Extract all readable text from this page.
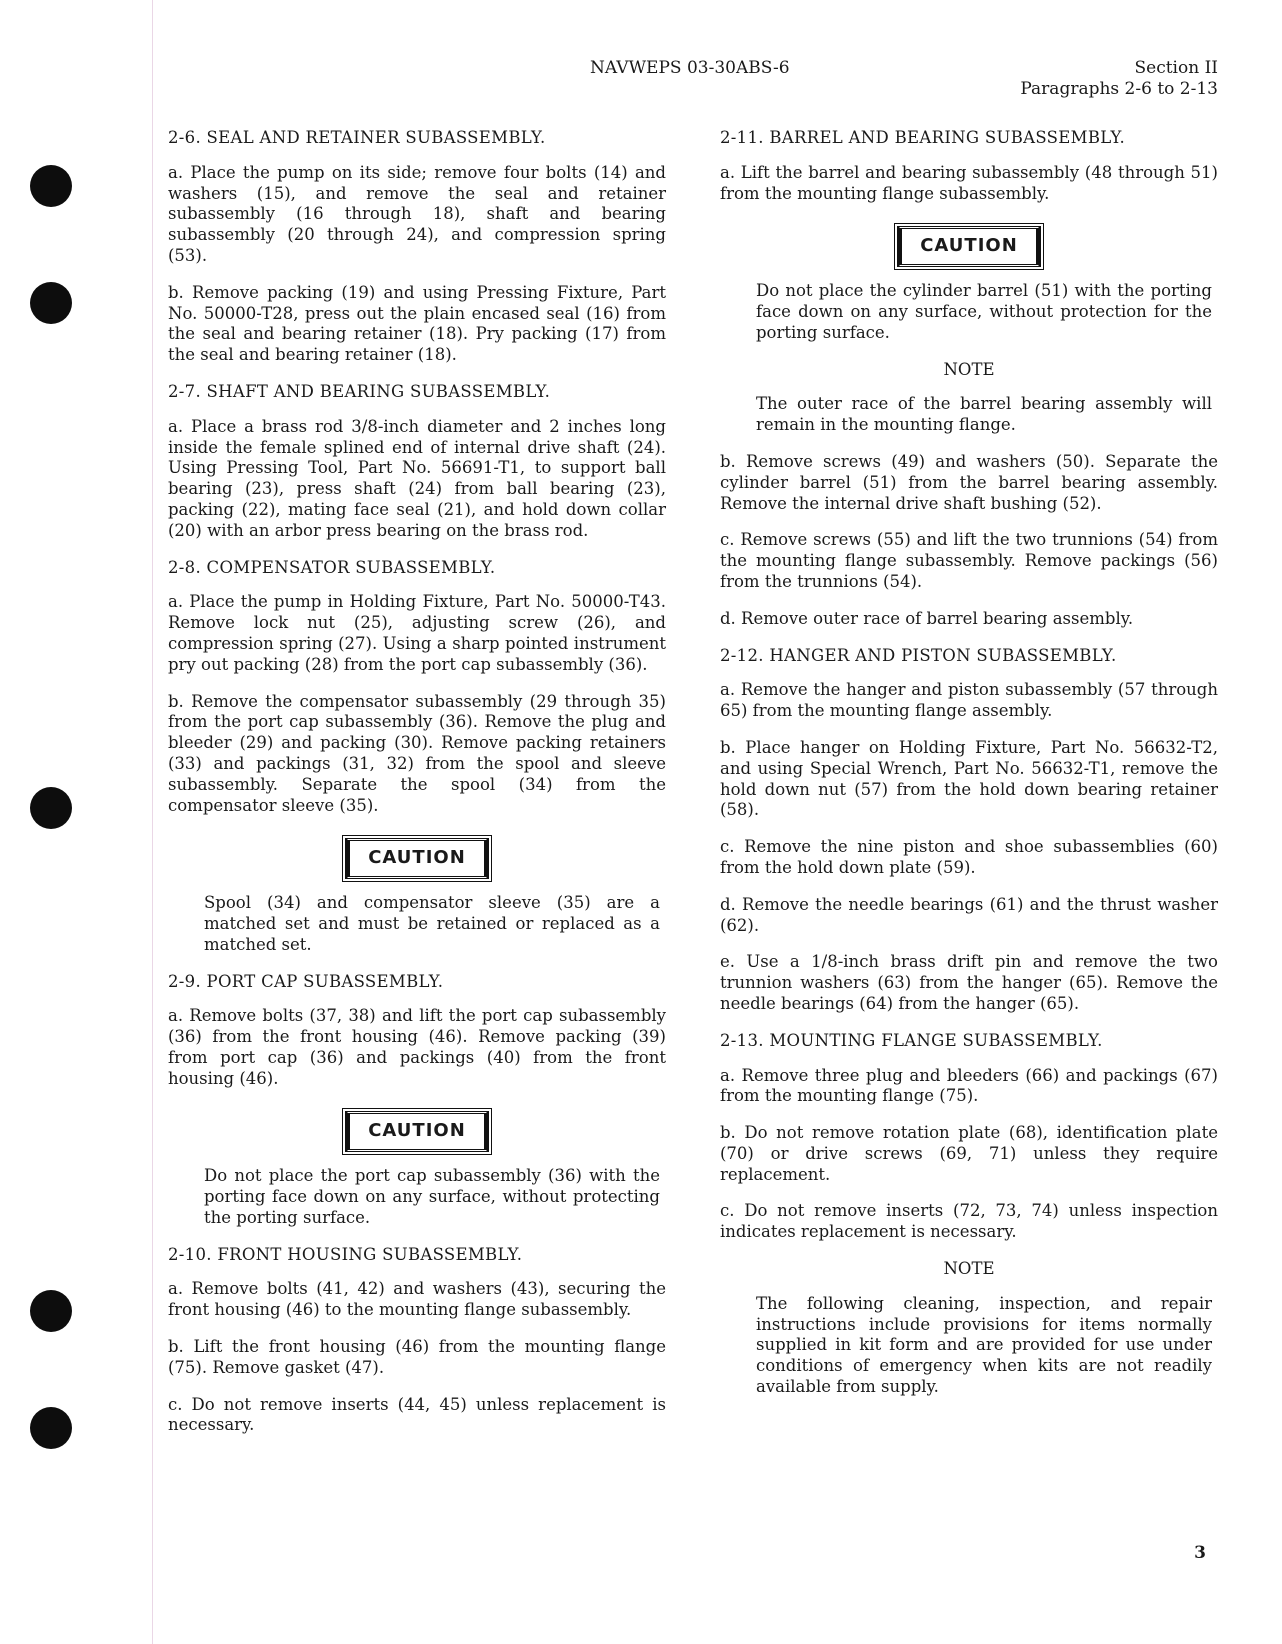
NAVWEPS 03-30ABS-6	Section II
Paragraphs 2-6 to 2-13
2-6. SEAL AND RETAINER SUBASSEMBLY.

a. Place the pump on its side; remove four bolts (14) and washers (15), and remove the seal and retainer subassembly (16 through 18), shaft and bearing subassembly (20 through 24), and compression spring (53).

b. Remove packing (19) and using Pressing Fixture, Part No. 50000-T28, press out the plain encased seal (16) from the seal and bearing retainer (18). Pry packing (17) from the seal and bearing retainer (18).

2-7. SHAFT AND BEARING SUBASSEMBLY.

a. Place a brass rod 3/8-inch diameter and 2 inches long inside the female splined end of internal drive shaft (24). Using Pressing Tool, Part No. 56691-T1, to support ball bearing (23), press shaft (24) from ball bearing (23), packing (22), mating face seal (21), and hold down collar (20) with an arbor press bearing on the brass rod.

2-8. COMPENSATOR SUBASSEMBLY.

a. Place the pump in Holding Fixture, Part No. 50000-T43. Remove lock nut (25), adjusting screw (26), and compression spring (27). Using a sharp pointed instrument pry out packing (28) from the port cap subassembly (36).

b. Remove the compensator subassembly (29 through 35) from the port cap subassembly (36). Remove the plug and bleeder (29) and packing (30). Remove packing retainers (33) and packings (31, 32) from the spool and sleeve subassembly. Separate the spool (34) from the compensator sleeve (35).

CAUTION

Spool (34) and compensator sleeve (35) are a matched set and must be retained or replaced as a matched set.

2-9. PORT CAP SUBASSEMBLY.

a. Remove bolts (37, 38) and lift the port cap subassembly (36) from the front housing (46). Remove packing (39) from port cap (36) and packings (40) from the front housing (46).

CAUTION

Do not place the port cap subassembly (36) with the porting face down on any surface, without protecting the porting surface.

2-10. FRONT HOUSING SUBASSEMBLY.

a. Remove bolts (41, 42) and washers (43), securing the front housing (46) to the mounting flange subassembly.

b. Lift the front housing (46) from the mounting flange (75). Remove gasket (47).

c. Do not remove inserts (44, 45) unless replacement is necessary.

2-11. BARREL AND BEARING SUBASSEMBLY.

a. Lift the barrel and bearing subassembly (48 through 51) from the mounting flange subassembly.

CAUTION

Do not place the cylinder barrel (51) with the porting face down on any surface, without protection for the porting surface.

NOTE

The outer race of the barrel bearing assembly will remain in the mounting flange.

b. Remove screws (49) and washers (50). Separate the cylinder barrel (51) from the barrel bearing assembly. Remove the internal drive shaft bushing (52).

c. Remove screws (55) and lift the two trunnions (54) from the mounting flange subassembly. Remove packings (56) from the trunnions (54).

d. Remove outer race of barrel bearing assembly.

2-12. HANGER AND PISTON SUBASSEMBLY.

a. Remove the hanger and piston subassembly (57 through 65) from the mounting flange assembly.

b. Place hanger on Holding Fixture, Part No. 56632-T2, and using Special Wrench, Part No. 56632-T1, remove the hold down nut (57) from the hold down bearing retainer (58).

c. Remove the nine piston and shoe subassemblies (60) from the hold down plate (59).

d. Remove the needle bearings (61) and the thrust washer (62).

e. Use a 1/8-inch brass drift pin and remove the two trunnion washers (63) from the hanger (65). Remove the needle bearings (64) from the hanger (65).

2-13. MOUNTING FLANGE SUBASSEMBLY.

a. Remove three plug and bleeders (66) and packings (67) from the mounting flange (75).

b. Do not remove rotation plate (68), identification plate (70) or drive screws (69, 71) unless they require replacement.

c. Do not remove inserts (72, 73, 74) unless inspection indicates replacement is necessary.

NOTE

The following cleaning, inspection, and repair instructions include provisions for items normally supplied in kit form and are provided for use under conditions of emergency when kits are not readily available from supply.

3
